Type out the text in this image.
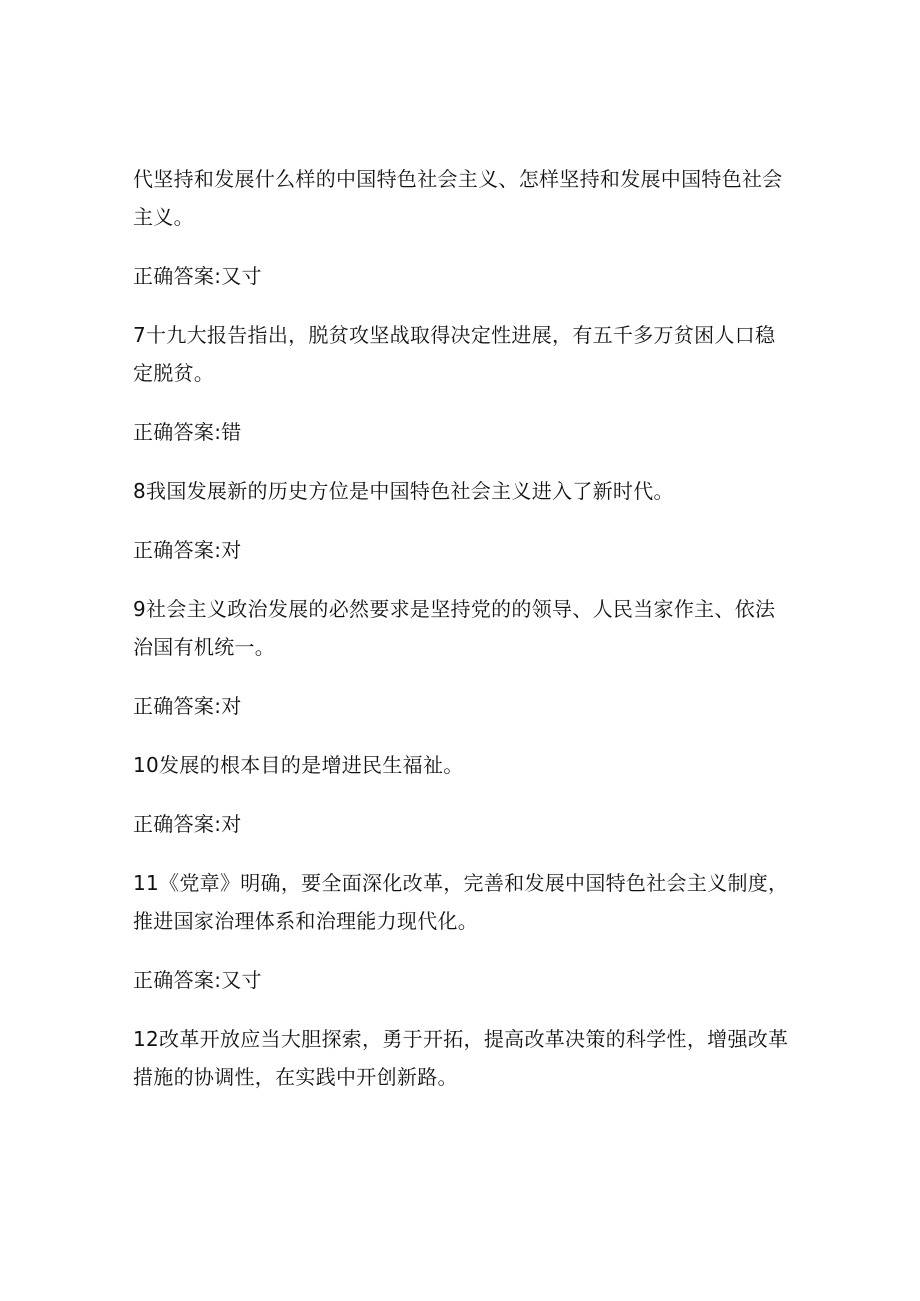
代坚持和发展什么样的中国特色社会主义、怎样坚持和发展中国特色社会主义。

正确答案:又寸

7十九大报告指出，脱贫攻坚战取得决定性进展，有五千多万贫困人口稳定脱贫。

正确答案:错

8我国发展新的历史方位是中国特色社会主义进入了新时代。

正确答案:对

9社会主义政治发展的必然要求是坚持党的的领导、人民当家作主、依法治国有机统一。

正确答案:对

10发展的根本目的是增进民生福祉。

正确答案:对

11《党章》明确，要全面深化改革，完善和发展中国特色社会主义制度，推进国家治理体系和治理能力现代化。

正确答案:又寸

12改革开放应当大胆探索，勇于开拓，提高改革决策的科学性，增强改革措施的协调性，在实践中开创新路。
